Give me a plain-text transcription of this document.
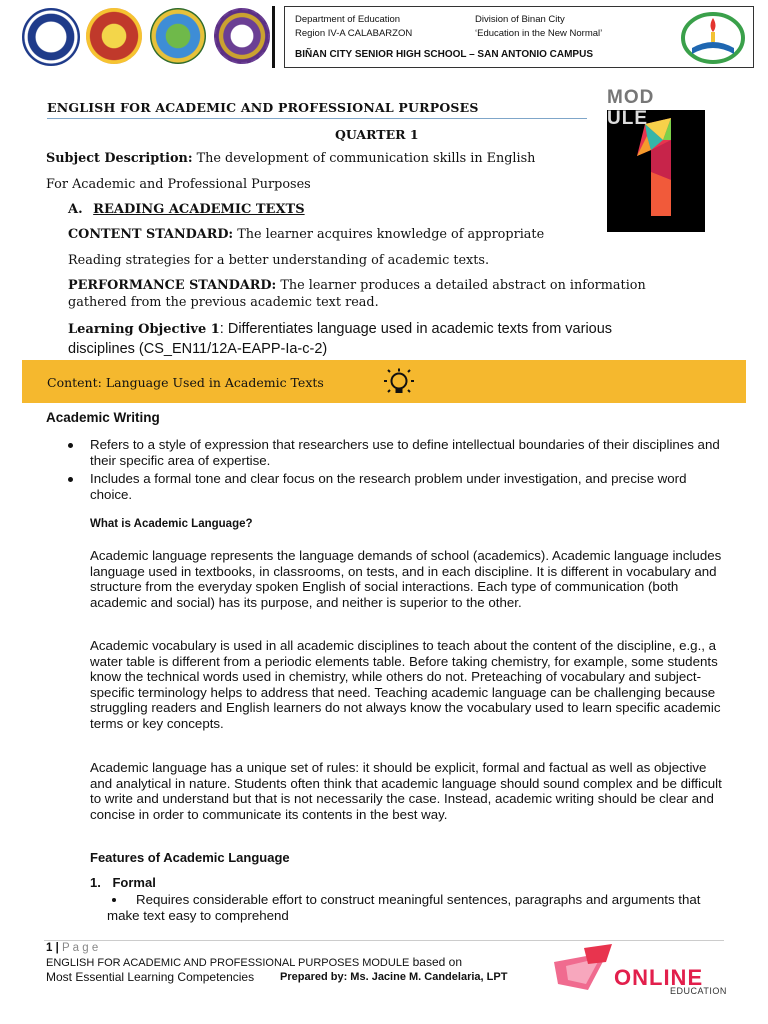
Department of Education
Region IV-A CALABARZON
Division of Binan City
‘Education in the New Normal’
BIÑAN CITY SENIOR HIGH SCHOOL – SAN ANTONIO CAMPUS
MOD
ULE
ENGLISH FOR ACADEMIC AND PROFESSIONAL PURPOSES
QUARTER 1
Subject Description: The development of communication skills in English
For Academic and Professional Purposes
A. READING ACADEMIC TEXTS
CONTENT STANDARD: The learner acquires knowledge of appropriate
Reading strategies for a better understanding of academic texts.
PERFORMANCE STANDARD: The learner produces a detailed abstract on information
gathered from the previous academic text read.
Learning Objective 1: Differentiates language used in academic texts from various
disciplines (CS_EN11/12A-EAPP-Ia-c-2)
Content: Language Used in Academic Texts
Academic Writing
Refers to a style of expression that researchers use to define intellectual boundaries of their disciplines and their specific area of expertise.
Includes a formal tone and clear focus on the research problem under investigation, and precise word choice.
What is Academic Language?
Academic language represents the language demands of school (academics). Academic language includes language used in textbooks, in classrooms, on tests, and in each discipline. It is different in vocabulary and structure from the everyday spoken English of social interactions. Each type of communication (both academic and social) has its purpose, and neither is superior to the other.
Academic vocabulary is used in all academic disciplines to teach about the content of the discipline, e.g., a water table is different from a periodic elements table. Before taking chemistry, for example, some students know the technical words used in chemistry, while others do not. Preteaching of vocabulary and subject-specific terminology helps to address that need. Teaching academic language can be challenging because struggling readers and English learners do not always know the vocabulary used to learn specific academic terms or key concepts.
Academic language has a unique set of rules: it should be explicit, formal and factual as well as objective and analytical in nature. Students often think that academic language should sound complex and be difficult to write and understand but that is not necessarily the case. Instead, academic writing should be clear and concise in order to communicate its contents in the best way.
Features of Academic Language
1. Formal
Requires considerable effort to construct meaningful sentences, paragraphs and arguments that make text easy to comprehend
1 | P a g e
ENGLISH FOR ACADEMIC AND PROFESSIONAL PURPOSES MODULE based on
Most Essential Learning Competencies Prepared by: Ms. Jacine M. Candelaria, LPT	ONLINE
EDUCATION
